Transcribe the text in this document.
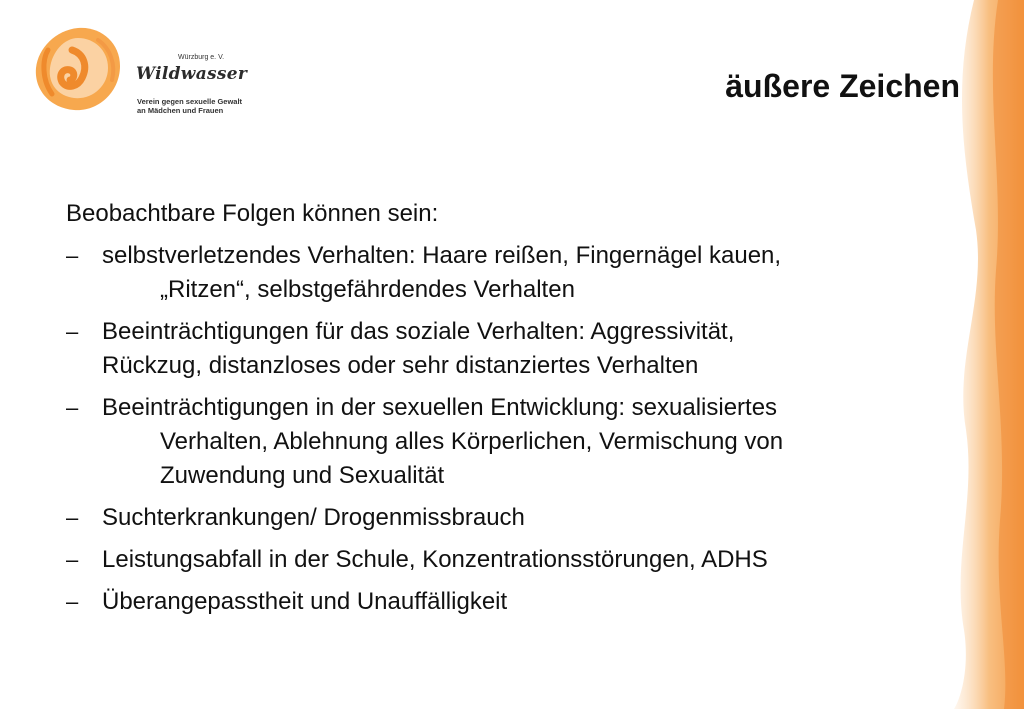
Würzburg e. V.
Wildwasser
Verein gegen sexuelle Gewalt
an Mädchen und Frauen
äußere Zeichen

Beobachtbare Folgen können sein:

– selbstverletzendes Verhalten: Haare reißen, Fingernägel kauen,
„Ritzen“, selbstgefährdendes Verhalten
– Beeinträchtigungen für das soziale Verhalten: Aggressivität,
Rückzug, distanzloses oder sehr distanziertes Verhalten
– Beeinträchtigungen in der sexuellen Entwicklung: sexualisiertes
Verhalten, Ablehnung alles Körperlichen, Vermischung von
Zuwendung und Sexualität
– Suchterkrankungen/ Drogenmissbrauch
– Leistungsabfall in der Schule, Konzentrationsstörungen, ADHS
– Überangepasstheit und Unauffälligkeit
